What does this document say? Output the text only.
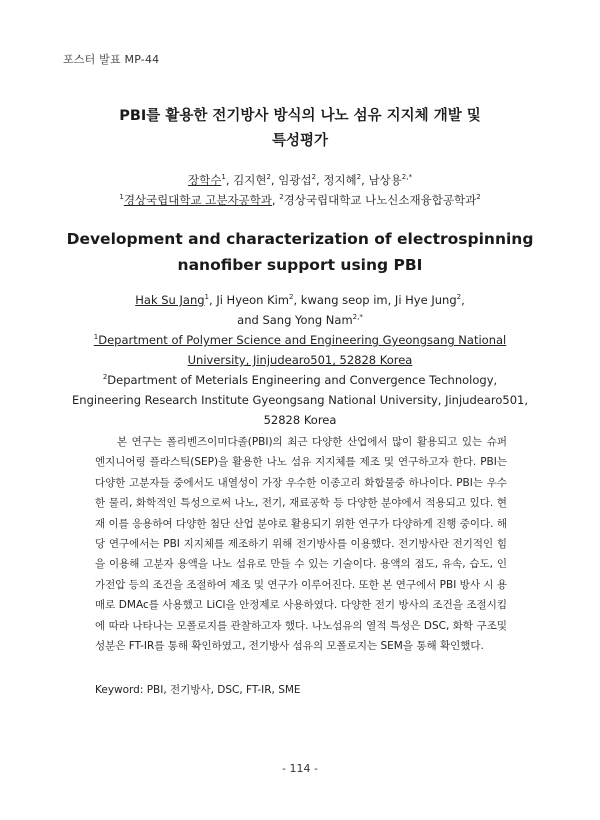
포스터 발표 MP-44
PBI를 활용한 전기방사 방식의 나노 섬유 지지체 개발 및
특성평가
장학수$^1$, 김지현$^2$, 임광섭$^2$, 정지혜$^2$, 남상용$^{2,*}$
$^1$경상국립대학교 고분자공학과, $^2$경상국립대학교 나노신소재융합공학과$^2$
Development and characterization of electrospinning
nanofiber support using PBI
Hak Su Jang$^1$, Ji Hyeon Kim$^2$, kwang seop im, Ji Hye Jung$^2$,
and Sang Yong Nam$^{2,*}$
$^1$Department of Polymer Science and Engineering Gyeongsang National
University, Jinjudearo501, 52828 Korea
$^2$Department of Meterials Engineering and Convergence Technology,
Engineering Research Institute Gyeongsang National University, Jinjudearo501,
52828 Korea
본 연구는 폴리벤즈이미다졸(PBI)의 최근 다양한 산업에서 많이 활용되고 있는 슈퍼 엔지니어링 플라스틱(SEP)을 활용한 나노 섬유 지지체를 제조 및 연구하고자 한다. PBI는 다양한 고분자들 중에서도 내열성이 가장 우수한 이종고리 화합물중 하나이다. PBI는 우수한 물리, 화학적인 특성으로써 나노, 전기, 재료공학 등 다양한 분야에서 적용되고 있다. 현재 이를 응용하여 다양한 첨단 산업 분야로 활용되기 위한 연구가 다양하게 진행 중이다. 해당 연구에서는 PBI 지지체를 제조하기 위해 전기방사를 이용했다. 전기방사란 전기적인 힘을 이용해 고분자 용액을 나노 섬유로 만들 수 있는 기술이다. 용액의 점도, 유속, 습도, 인가전압 등의 조건을 조절하여 제조 및 연구가 이루어진다. 또한 본 연구에서 PBI 방사 시 용매로 DMAc를 사용했고 LiCl을 안정제로 사용하였다. 다양한 전기 방사의 조건을 조절시킴에 따라 나타나는 모폴로지를 관찰하고자 했다. 나노섬유의 열적 특성은 DSC, 화학 구조및 성분은 FT-IR를 통해 확인하였고, 전기방사 섬유의 모폴로지는 SEM을 통해 확인했다.
Keyword: PBI, 전기방사, DSC, FT-IR, SME
- 114 -
